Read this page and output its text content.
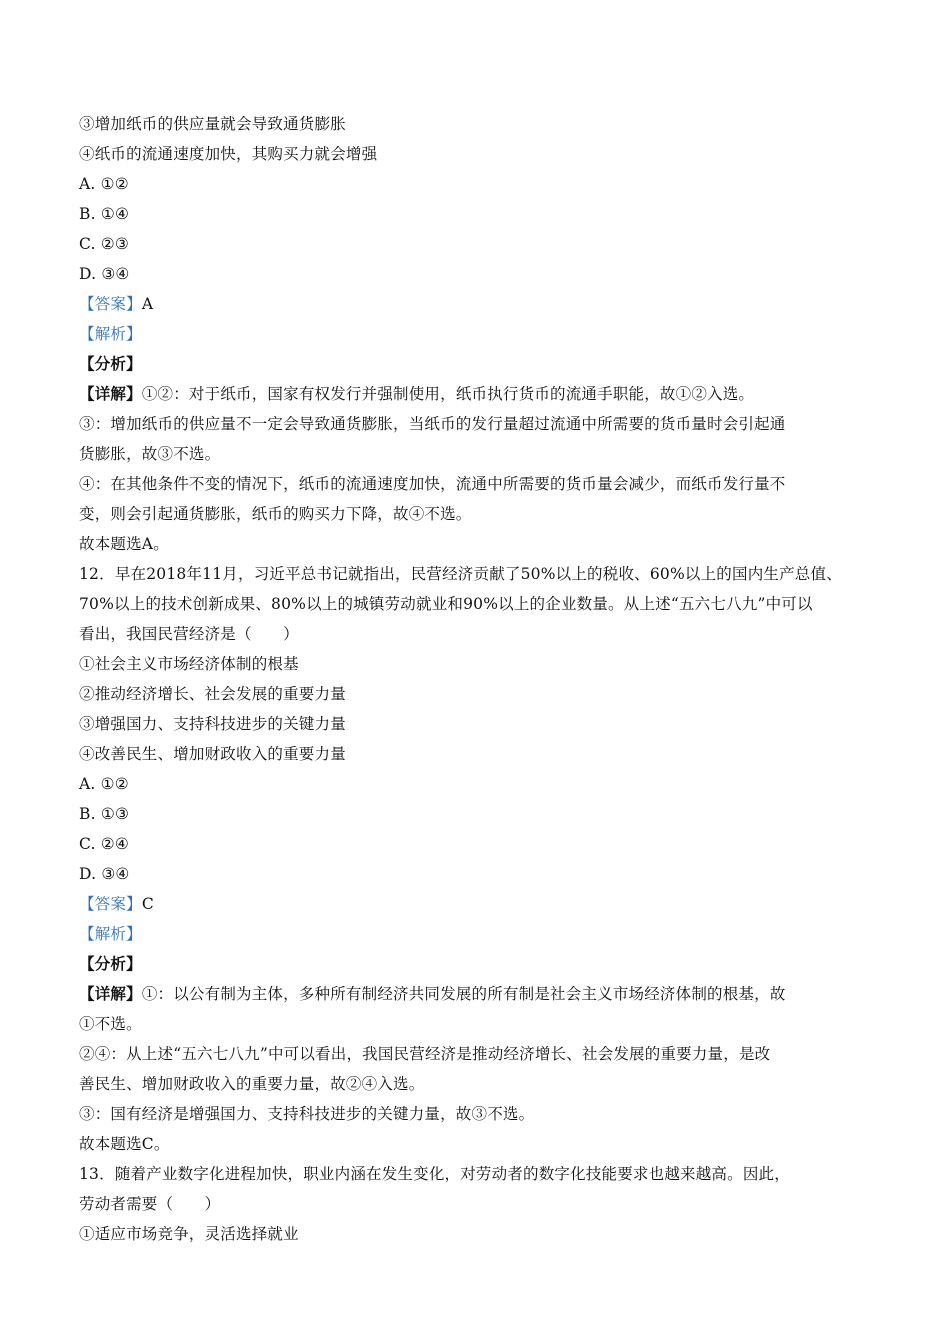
③增加纸币的供应量就会导致通货膨胀
④纸币的流通速度加快，其购买力就会增强
A. ①②
B. ①④
C. ②③
D. ③④
【答案】A
【解析】
【分析】
【详解】①②：对于纸币，国家有权发行并强制使用，纸币执行货币的流通手职能，故①②入选。
③：增加纸币的供应量不一定会导致通货膨胀，当纸币的发行量超过流通中所需要的货币量时会引起通
货膨胀，故③不选。
④：在其他条件不变的情况下，纸币的流通速度加快，流通中所需要的货币量会减少，而纸币发行量不
变，则会引起通货膨胀，纸币的购买力下降，故④不选。
故本题选A。
12．早在2018年11月，习近平总书记就指出，民营经济贡献了50%以上的税收、60%以上的国内生产总值、
70%以上的技术创新成果、80%以上的城镇劳动就业和90%以上的企业数量。从上述“五六七八九”中可以
看出，我国民营经济是（　　）
①社会主义市场经济体制的根基
②推动经济增长、社会发展的重要力量
③增强国力、支持科技进步的关键力量
④改善民生、增加财政收入的重要力量
A. ①②
B. ①③
C. ②④
D. ③④
【答案】C
【解析】
【分析】
【详解】①：以公有制为主体，多种所有制经济共同发展的所有制是社会主义市场经济体制的根基，故
①不选。
②④：从上述“五六七八九”中可以看出，我国民营经济是推动经济增长、社会发展的重要力量，是改
善民生、增加财政收入的重要力量，故②④入选。
③：国有经济是增强国力、支持科技进步的关键力量，故③不选。
故本题选C。
13．随着产业数字化进程加快，职业内涵在发生变化，对劳动者的数字化技能要求也越来越高。因此，
劳动者需要（　　）
①适应市场竞争，灵活选择就业
